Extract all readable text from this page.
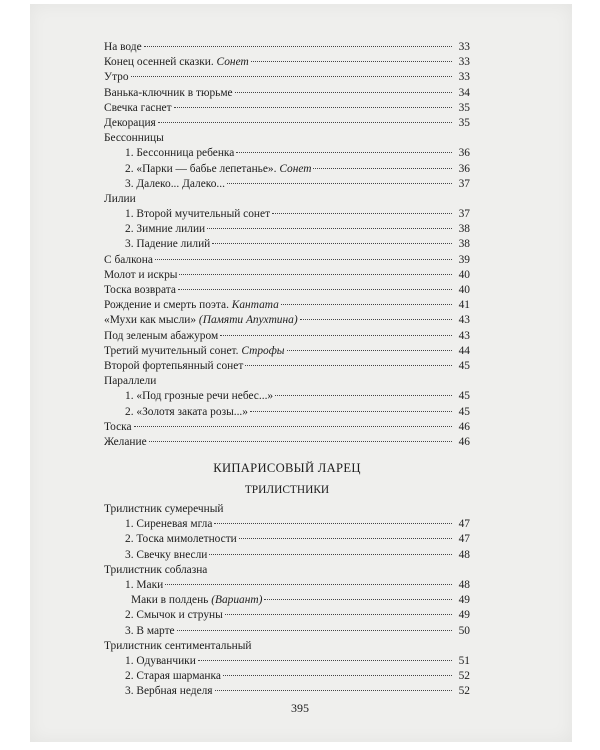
На воде	33
Конец осенней сказки. Сонет	33
Утро	33
Ванька-ключник в тюрьме	34
Свечка гаснет	35
Декорация	35
Бессонницы
1. Бессонница ребенка	36
2. «Парки — бабье лепетанье». Сонет	36
3. Далеко... Далеко...	37
Лилии
1. Второй мучительный сонет	37
2. Зимние лилии	38
3. Падение лилий	38
С балкона	39
Молот и искры	40
Тоска возврата	40
Рождение и смерть поэта. Кантата	41
«Мухи как мысли» (Памяти Апухтина)	43
Под зеленым абажуром	43
Третий мучительный сонет. Строфы	44
Второй фортепьянный сонет	45
Параллели
1. «Под грозные речи небес...»	45
2. «Золотя заката розы...»	45
Тоска	46
Желание	46
КИПАРИСОВЫЙ ЛАРЕЦ
ТРИЛИСТНИКИ
Трилистник сумеречный
1. Сиреневая мгла	47
2. Тоска мимолетности	47
3. Свечку внесли	48
Трилистник соблазна
1. Маки	48
Маки в полдень (Вариант)	49
2. Смычок и струны	49
3. В марте	50
Трилистник сентиментальный
1. Одуванчики	51
2. Старая шарманка	52
3. Вербная неделя	52
395
